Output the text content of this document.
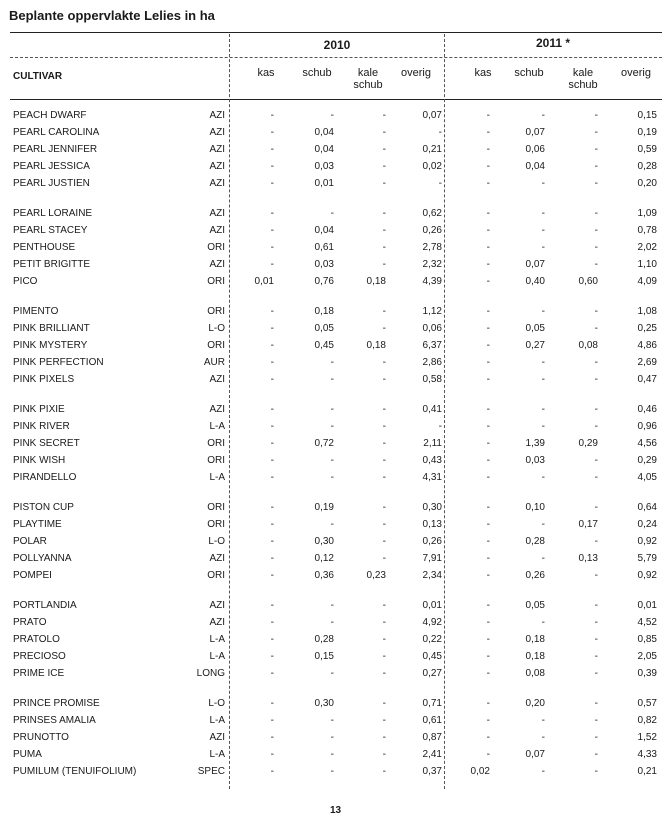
Beplante oppervlakte Lelies in ha
2010	2011 *
CULTIVAR	kas	schub	kale
schub
overig	kas	schub	kale
schub
overig
PEACH DWARF	AZI	-	-	-	0,07	-	-	-	0,15
PEARL CAROLINA	AZI	-	0,04	-	-	-	0,07	-	0,19
PEARL JENNIFER	AZI	-	0,04	-	0,21	-	0,06	-	0,59
PEARL JESSICA	AZI	-	0,03	-	0,02	-	0,04	-	0,28
PEARL JUSTIEN	AZI	-	0,01	-	-	-	-	-	0,20
PEARL LORAINE	AZI	-	-	-	0,62	-	-	-	1,09
PEARL STACEY	AZI	-	0,04	-	0,26	-	-	-	0,78
PENTHOUSE	ORI	-	0,61	-	2,78	-	-	-	2,02
PETIT BRIGITTE	AZI	-	0,03	-	2,32	-	0,07	-	1,10
PICO	ORI	0,01	0,76	0,18	4,39	-	0,40	0,60	4,09
PIMENTO	ORI	-	0,18	-	1,12	-	-	-	1,08
PINK BRILLIANT	L-O	-	0,05	-	0,06	-	0,05	-	0,25
PINK MYSTERY	ORI	-	0,45	0,18	6,37	-	0,27	0,08	4,86
PINK PERFECTION	AUR	-	-	-	2,86	-	-	-	2,69
PINK PIXELS	AZI	-	-	-	0,58	-	-	-	0,47
PINK PIXIE	AZI	-	-	-	0,41	-	-	-	0,46
PINK RIVER	L-A	-	-	-	-	-	-	-	0,96
PINK SECRET	ORI	-	0,72	-	2,11	-	1,39	0,29	4,56
PINK WISH	ORI	-	-	-	0,43	-	0,03	-	0,29
PIRANDELLO	L-A	-	-	-	4,31	-	-	-	4,05
PISTON CUP	ORI	-	0,19	-	0,30	-	0,10	-	0,64
PLAYTIME	ORI	-	-	-	0,13	-	-	0,17	0,24
POLAR	L-O	-	0,30	-	0,26	-	0,28	-	0,92
POLLYANNA	AZI	-	0,12	-	7,91	-	-	0,13	5,79
POMPEI	ORI	-	0,36	0,23	2,34	-	0,26	-	0,92
PORTLANDIA	AZI	-	-	-	0,01	-	0,05	-	0,01
PRATO	AZI	-	-	-	4,92	-	-	-	4,52
PRATOLO	L-A	-	0,28	-	0,22	-	0,18	-	0,85
PRECIOSO	L-A	-	0,15	-	0,45	-	0,18	-	2,05
PRIME ICE	LONG	-	-	-	0,27	-	0,08	-	0,39
PRINCE PROMISE	L-O	-	0,30	-	0,71	-	0,20	-	0,57
PRINSES AMALIA	L-A	-	-	-	0,61	-	-	-	0,82
PRUNOTTO	AZI	-	-	-	0,87	-	-	-	1,52
PUMA	L-A	-	-	-	2,41	-	0,07	-	4,33
PUMILUM (TENUIFOLIUM)	SPEC	-	-	-	0,37	0,02	-	-	0,21
13
